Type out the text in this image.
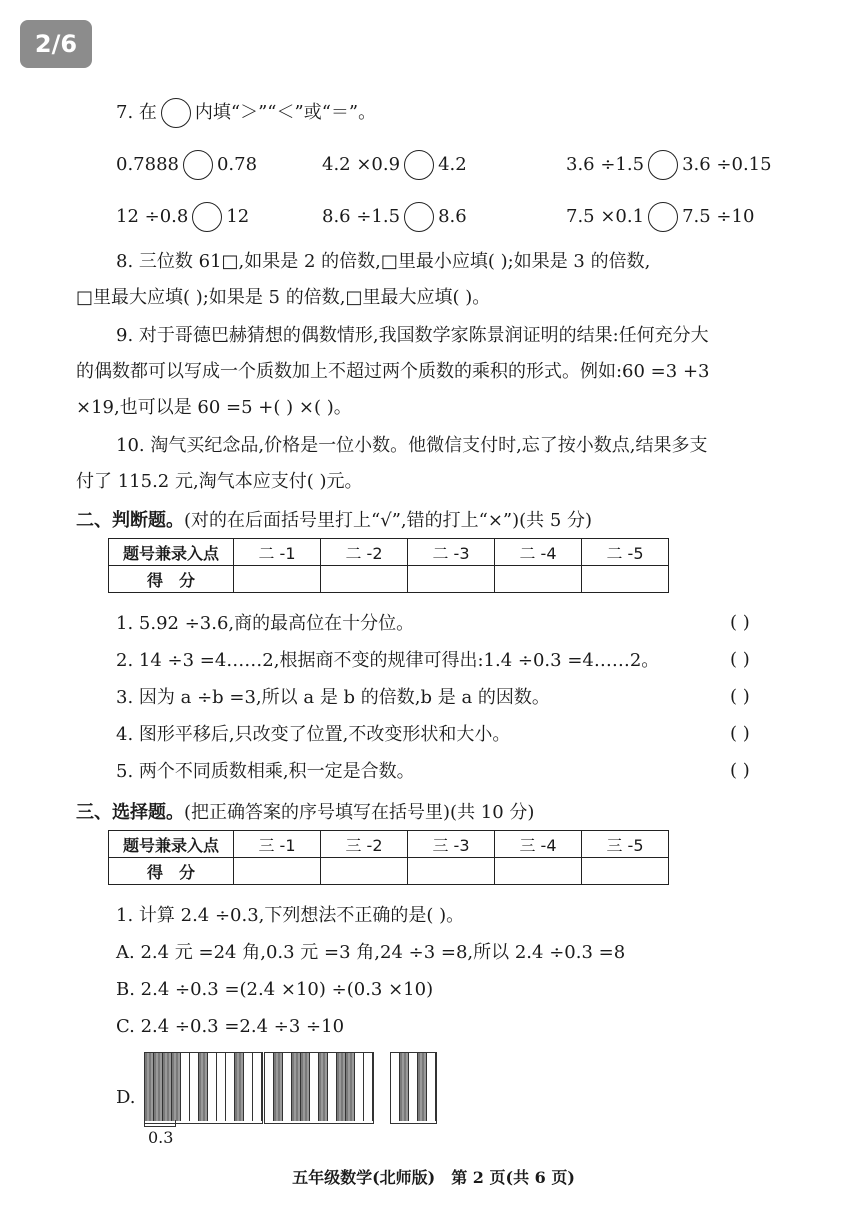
2/6
7. 在 内填“＞”“＜”或“＝”。
0.7888 0.78	4.2 ×0.9 4.2	3.6 ÷1.5 3.6 ÷0.15
12 ÷0.8 12	8.6 ÷1.5 8.6	7.5 ×0.1 7.5 ÷10
8. 三位数 61□,如果是 2 的倍数,□里最小应填( );如果是 3 的倍数,
□里最大应填( );如果是 5 的倍数,□里最大应填( )。
9. 对于哥德巴赫猜想的偶数情形,我国数学家陈景润证明的结果:任何充分大
的偶数都可以写成一个质数加上不超过两个质数的乘积的形式。例如:60 =3 +3
×19,也可以是 60 =5 +( ) ×( )。
10. 淘气买纪念品,价格是一位小数。他微信支付时,忘了按小数点,结果多支
付了 115.2 元,淘气本应支付( )元。
二、判断题。(对的在后面括号里打上“√”,错的打上“×”)(共 5 分)
题号兼录入点	二 -1	二 -2	二 -3	二 -4	二 -5
得　分					
1. 5.92 ÷3.6,商的最高位在十分位。	( )
2. 14 ÷3 =4……2,根据商不变的规律可得出:1.4 ÷0.3 =4……2。	( )
3. 因为 a ÷b =3,所以 a 是 b 的倍数,b 是 a 的因数。	( )
4. 图形平移后,只改变了位置,不改变形状和大小。	( )
5. 两个不同质数相乘,积一定是合数。	( )
三、选择题。(把正确答案的序号填写在括号里)(共 10 分)
题号兼录入点	三 -1	三 -2	三 -3	三 -4	三 -5
得　分					
1. 计算 2.4 ÷0.3,下列想法不正确的是( )。
A. 2.4 元 =24 角,0.3 元 =3 角,24 ÷3 =8,所以 2.4 ÷0.3 =8
B. 2.4 ÷0.3 =(2.4 ×10) ÷(0.3 ×10)
C. 2.4 ÷0.3 =2.4 ÷3 ÷10
D.
0.3
五年级数学(北师版)　第 2 页(共 6 页)
